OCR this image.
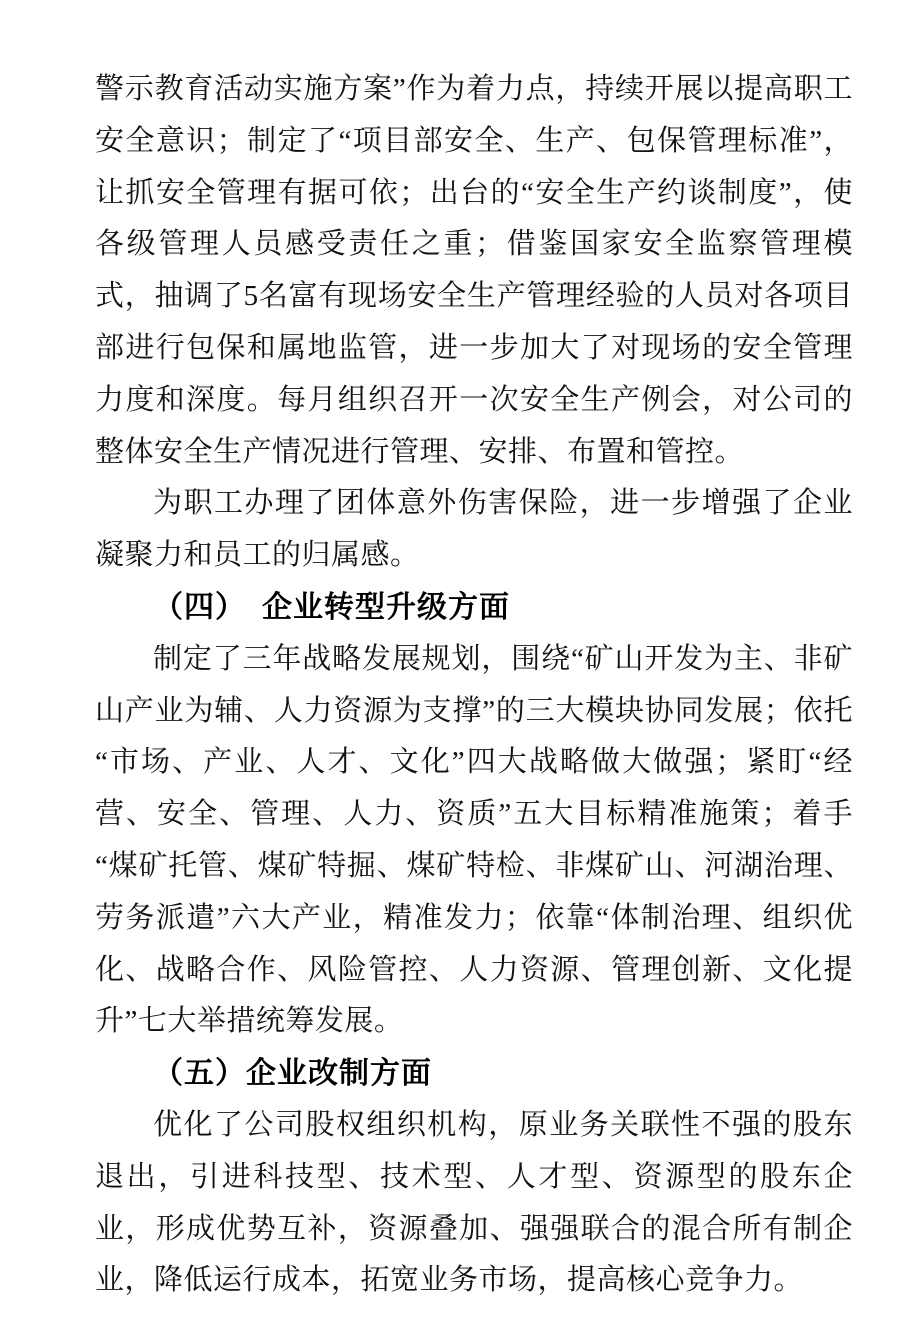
警示教育活动实施方案”作为着力点，持续开展以提高职工安全意识；制定了“项目部安全、生产、包保管理标准”，让抓安全管理有据可依；出台的“安全生产约谈制度”，使各级管理人员感受责任之重；借鉴国家安全监察管理模式，抽调了5名富有现场安全生产管理经验的人员对各项目部进行包保和属地监管，进一步加大了对现场的安全管理力度和深度。每月组织召开一次安全生产例会，对公司的整体安全生产情况进行管理、安排、布置和管控。

为职工办理了团体意外伤害保险，进一步增强了企业凝聚力和员工的归属感。

（四）　企业转型升级方面

制定了三年战略发展规划，围绕“矿山开发为主、非矿山产业为辅、人力资源为支撑”的三大模块协同发展；依托“市场、产业、人才、文化”四大战略做大做强；紧盯“经营、安全、管理、人力、资质”五大目标精准施策；着手“煤矿托管、煤矿特掘、煤矿特检、非煤矿山、河湖治理、劳务派遣”六大产业，精准发力；依靠“体制治理、组织优化、战略合作、风险管控、人力资源、管理创新、文化提升”七大举措统筹发展。

（五）企业改制方面

优化了公司股权组织机构，原业务关联性不强的股东退出，引进科技型、技术型、人才型、资源型的股东企业，形成优势互补，资源叠加、强强联合的混合所有制企业，降低运行成本，拓宽业务市场，提高核心竞争力。
